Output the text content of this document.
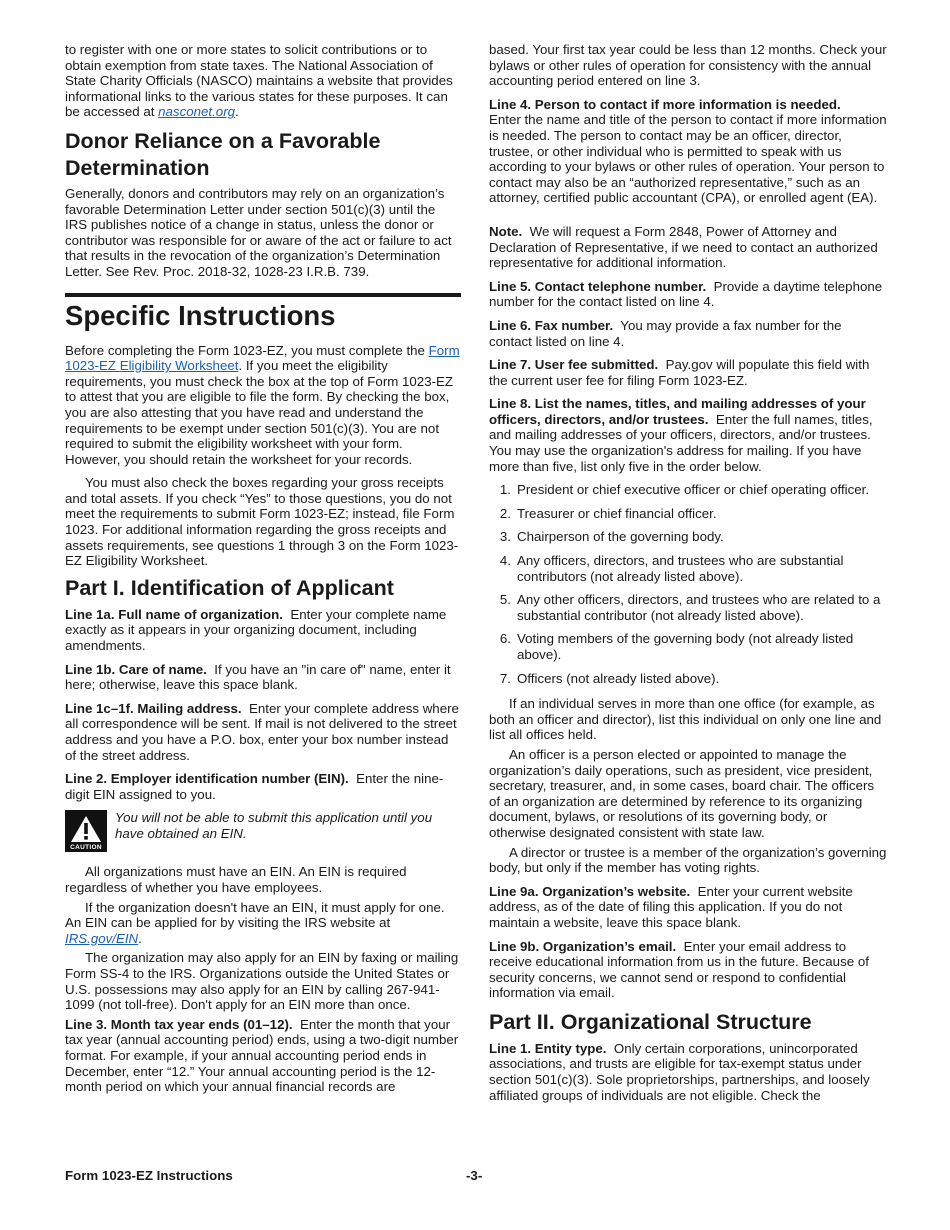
to register with one or more states to solicit contributions or to obtain exemption from state taxes. The National Association of State Charity Officials (NASCO) maintains a website that provides informational links to the various states for these purposes. It can be accessed at nasconet.org.

Donor Reliance on a Favorable Determination

Generally, donors and contributors may rely on an organization’s favorable Determination Letter under section 501(c)(3) until the IRS publishes notice of a change in status, unless the donor or contributor was responsible for or aware of the act or failure to act that results in the revocation of the organization’s Determination Letter. See Rev. Proc. 2018-32, 1028-23 I.R.B. 739.

Specific Instructions

Before completing the Form 1023-EZ, you must complete the Form 1023-EZ Eligibility Worksheet. If you meet the eligibility requirements, you must check the box at the top of Form 1023-EZ to attest that you are eligible to file the form. By checking the box, you are also attesting that you have read and understand the requirements to be exempt under section 501(c)(3). You are not required to submit the eligibility worksheet with your form. However, you should retain the worksheet for your records.

You must also check the boxes regarding your gross receipts and total assets. If you check “Yes” to those questions, you do not meet the requirements to submit Form 1023-EZ; instead, file Form 1023. For additional information regarding the gross receipts and assets requirements, see questions 1 through 3 on the Form 1023-EZ Eligibility Worksheet.

Part I. Identification of Applicant

Line 1a. Full name of organization. Enter your complete name exactly as it appears in your organizing document, including amendments.

Line 1b. Care of name. If you have an "in care of" name, enter it here; otherwise, leave this space blank.

Line 1c–1f. Mailing address. Enter your complete address where all correspondence will be sent. If mail is not delivered to the street address and you have a P.O. box, enter your box number instead of the street address.

Line 2. Employer identification number (EIN). Enter the nine-digit EIN assigned to you.

CAUTION
You will not be able to submit this application until you have obtained an EIN.

All organizations must have an EIN. An EIN is required regardless of whether you have employees.

If the organization doesn't have an EIN, it must apply for one. An EIN can be applied for by visiting the IRS website at IRS.gov/EIN.

The organization may also apply for an EIN by faxing or mailing Form SS-4 to the IRS. Organizations outside the United States or U.S. possessions may also apply for an EIN by calling 267-941-1099 (not toll-free). Don't apply for an EIN more than once.

Line 3. Month tax year ends (01–12). Enter the month that your tax year (annual accounting period) ends, using a two-digit number format. For example, if your annual accounting period ends in December, enter “12.” Your annual accounting period is the 12-month period on which your annual financial records are

based. Your first tax year could be less than 12 months. Check your bylaws or other rules of operation for consistency with the annual accounting period entered on line 3.

Line 4. Person to contact if more information is needed.
Enter the name and title of the person to contact if more information is needed. The person to contact may be an officer, director, trustee, or other individual who is permitted to speak with us according to your bylaws or other rules of operation. Your person to contact may also be an “authorized representative,” such as an attorney, certified public accountant (CPA), or enrolled agent (EA).

Note. We will request a Form 2848, Power of Attorney and Declaration of Representative, if we need to contact an authorized representative for additional information.

Line 5. Contact telephone number. Provide a daytime telephone number for the contact listed on line 4.

Line 6. Fax number. You may provide a fax number for the contact listed on line 4.

Line 7. User fee submitted. Pay.gov will populate this field with the current user fee for filing Form 1023-EZ.

Line 8. List the names, titles, and mailing addresses of your officers, directors, and/or trustees. Enter the full names, titles, and mailing addresses of your officers, directors, and/or trustees. You may use the organization's address for mailing. If you have more than five, list only five in the order below.

1. President or chief executive officer or chief operating officer.
2. Treasurer or chief financial officer.
3. Chairperson of the governing body.
4. Any officers, directors, and trustees who are substantial contributors (not already listed above).
5. Any other officers, directors, and trustees who are related to a substantial contributor (not already listed above).
6. Voting members of the governing body (not already listed above).
7. Officers (not already listed above).

If an individual serves in more than one office (for example, as both an officer and director), list this individual on only one line and list all offices held.

An officer is a person elected or appointed to manage the organization’s daily operations, such as president, vice president, secretary, treasurer, and, in some cases, board chair. The officers of an organization are determined by reference to its organizing document, bylaws, or resolutions of its governing body, or otherwise designated consistent with state law.

A director or trustee is a member of the organization’s governing body, but only if the member has voting rights.

Line 9a. Organization’s website. Enter your current website address, as of the date of filing this application. If you do not maintain a website, leave this space blank.

Line 9b. Organization’s email. Enter your email address to receive educational information from us in the future. Because of security concerns, we cannot send or respond to confidential information via email.

Part II. Organizational Structure

Line 1. Entity type. Only certain corporations, unincorporated associations, and trusts are eligible for tax-exempt status under section 501(c)(3). Sole proprietorships, partnerships, and loosely affiliated groups of individuals are not eligible. Check the

Form 1023-EZ Instructions	-3-
